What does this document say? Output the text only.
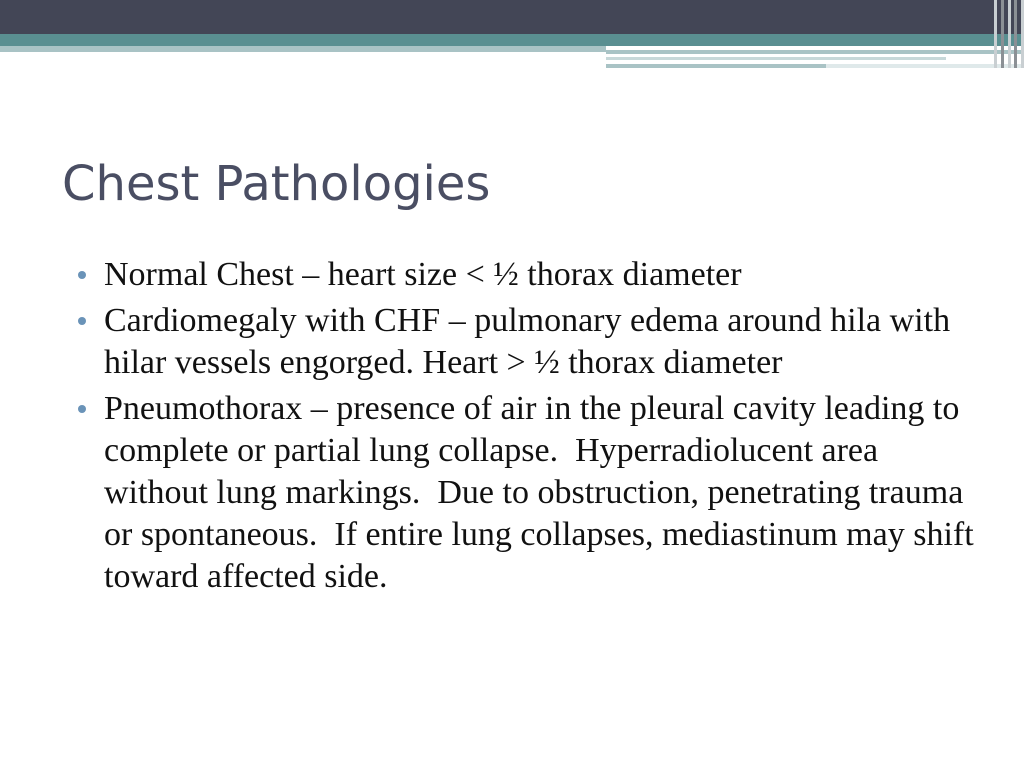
Chest Pathologies
Normal Chest – heart size < ½ thorax diameter
Cardiomegaly with CHF – pulmonary edema around hila with hilar vessels engorged. Heart > ½ thorax diameter
Pneumothorax – presence of air in the pleural cavity leading to complete or partial lung collapse.  Hyperradiolucent area without lung markings.  Due to obstruction, penetrating trauma or spontaneous.  If entire lung collapses, mediastinum may shift toward affected side.
